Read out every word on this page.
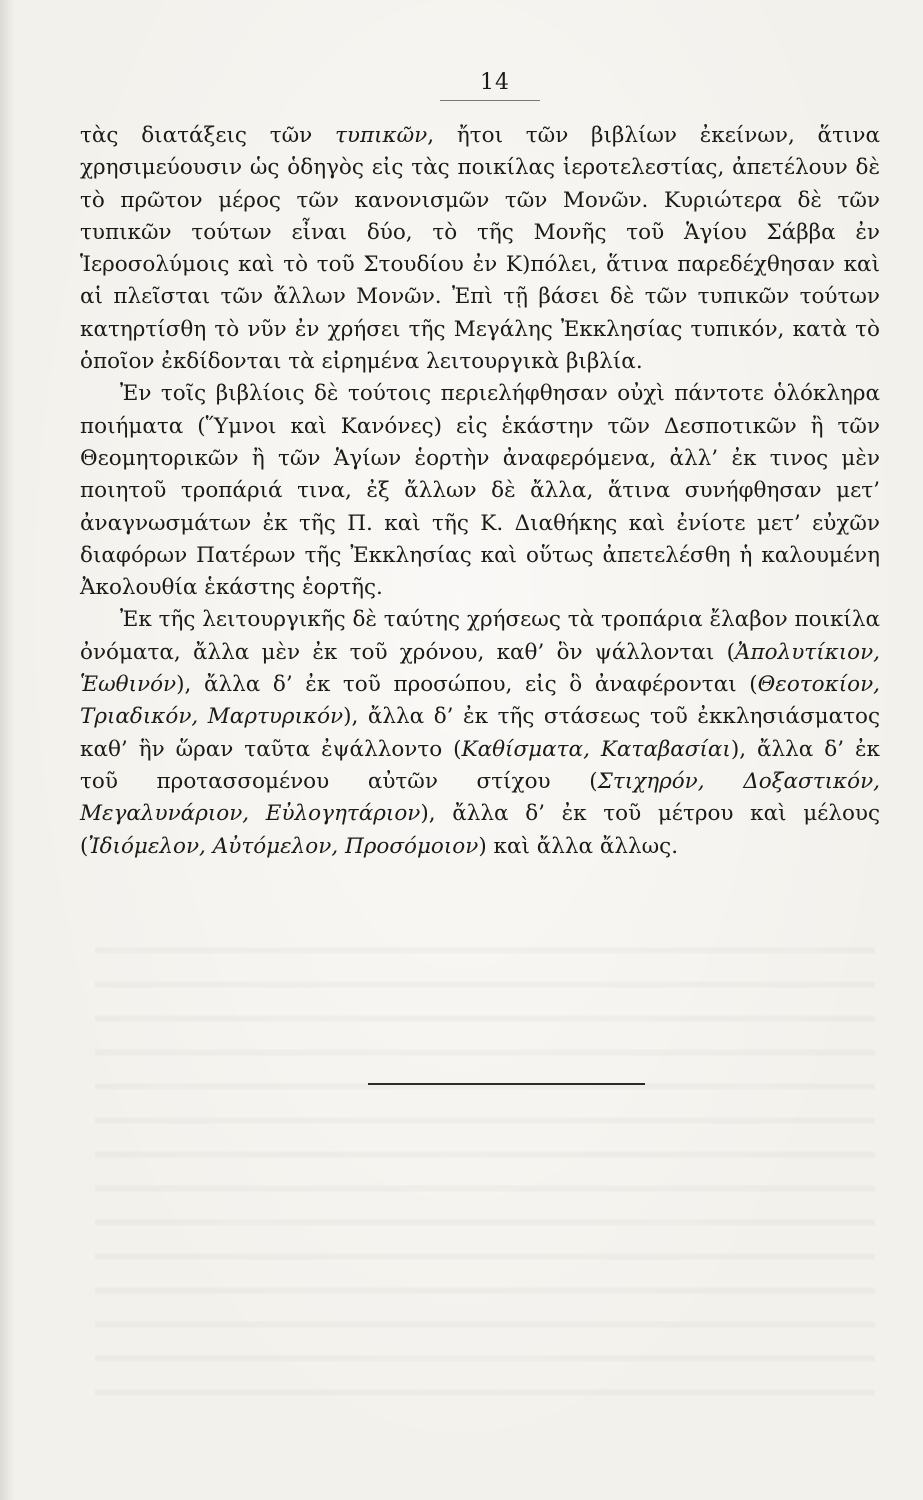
14

τὰς διατάξεις τῶν τυπικῶν, ἤτοι τῶν βιβλίων ἐκείνων, ἅτινα χρησιμεύουσιν ὡς ὁδηγὸς εἰς τὰς ποικίλας ἱεροτελεστίας, ἀπετέλουν δὲ τὸ πρῶτον μέρος τῶν κανονισμῶν τῶν Μονῶν. Κυριώτερα δὲ τῶν τυπικῶν τούτων εἶναι δύο, τὸ τῆς Μονῆς τοῦ Ἁγίου Σάββα ἐν Ἱεροσολύμοις καὶ τὸ τοῦ Στουδίου ἐν Κ)πόλει, ἅτινα παρεδέχθησαν καὶ αἱ πλεῖσται τῶν ἄλλων Μονῶν. Ἐπὶ τῇ βάσει δὲ τῶν τυπικῶν τούτων κατηρτίσθη τὸ νῦν ἐν χρήσει τῆς Μεγάλης Ἐκκλησίας τυπικόν, κατὰ τὸ ὁποῖον ἐκδίδονται τὰ εἰρημένα λειτουργικὰ βιβλία.

Ἐν τοῖς βιβλίοις δὲ τούτοις περιελήφθησαν οὐχὶ πάντοτε ὁλόκληρα ποιήματα (Ὕμνοι καὶ Κανόνες) εἰς ἑκάστην τῶν Δεσποτικῶν ἢ τῶν Θεομητορικῶν ἢ τῶν Ἁγίων ἑορτὴν ἀναφερόμενα, ἀλλ’ ἐκ τινος μὲν ποιητοῦ τροπάριά τινα, ἐξ ἄλλων δὲ ἄλλα, ἅτινα συνήφθησαν μετ’ ἀναγνωσμάτων ἐκ τῆς Π. καὶ τῆς Κ. Διαθήκης καὶ ἐνίοτε μετ’ εὐχῶν διαφόρων Πατέρων τῆς Ἐκκλησίας καὶ οὕτως ἀπετελέσθη ἡ καλουμένη Ἀκολουθία ἑκάστης ἑορτῆς.

Ἐκ τῆς λειτουργικῆς δὲ ταύτης χρήσεως τὰ τροπάρια ἔλαβον ποικίλα ὀνόματα, ἄλλα μὲν ἐκ τοῦ χρόνου, καθ’ ὃν ψάλλονται (Ἀπολυτίκιον, Ἑωθινόν), ἄλλα δ’ ἐκ τοῦ προσώπου, εἰς ὃ ἀναφέρονται (Θεοτοκίον, Τριαδικόν, Μαρτυρικόν), ἄλλα δ’ ἐκ τῆς στάσεως τοῦ ἐκκλησιάσματος καθ’ ἣν ὥραν ταῦτα ἐψάλλοντο (Καθίσματα, Καταβασίαι), ἄλλα δ’ ἐκ τοῦ προτασσομένου αὐτῶν στίχου (Στιχηρόν, Δοξαστικόν, Μεγαλυνάριον, Εὐλογητάριον), ἄλλα δ’ ἐκ τοῦ μέτρου καὶ μέλους (Ἰδιόμελον, Αὐτόμελον, Προσόμοιον) καὶ ἄλλα ἄλλως.
